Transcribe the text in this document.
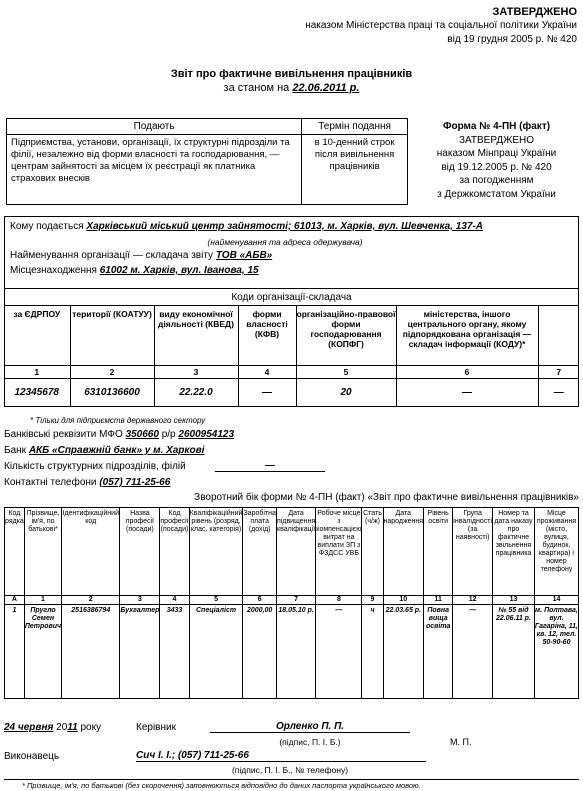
ЗАТВЕРДЖЕНО
наказом Міністерства праці та соціальної політики України
від 19 грудня 2005 р. № 420
Звіт про фактичне вивільнення працівників
за станом на 22.06.2011 р.
Подають	Термін подання
Підприємства, установи, організації, їх структурні підрозділи та філії, незалежно від форми власності та господарювання, — центрам зайнятості за місцем їх реєстрації як платника страхових внесків	в 10-денний строк після вивільнення працівників
Форма № 4-ПН (факт)
ЗАТВЕРДЖЕНО
наказом Мінпраці України
від 19.12.2005 р. № 420
за погодженням
з Держкомстатом України
Кому подається Харківський міський центр зайнятості; 61013, м. Харків, вул. Шевченка, 137-А
(найменування та адреса одержувача)
Найменування організації — складача звіту ТОВ «АБВ»
Місцезнаходження 61002 м. Харків, вул. Іванова, 15
Коди організації-складача						
за ЄДРПОУ	території (КОАТУУ)	виду економічної діяльності (КВЕД)	форми власності (КФВ)	організаційно-правової форми господарювання (КОПФГ)	міністерства, іншого центрального органу, якому підпорядкована організація — складач інформації (КОДУ)*	
1	2	3	4	5	6	7
12345678	6310136600	22.22.0	—	20	—	—
* Тільки для підприємств державного сектору
Банківські реквізити МФО 350660 р/р 2600954123
Банк АКБ «Справжній банк» у м. Харкові
Кількість структурних підрозділів, філій	—
Контактні телефони (057) 711-25-66
Зворотний бік форми № 4-ПН (факт) «Звіт про фактичне вивільнення працівників»
Код рядка	Прізвище, ім'я, по батькові*	Ідентифікаційний код	Назва професії (посади)	Код професії (посади)	Кваліфікаційний рівень (розряд, клас, категорія)	Заробітна плата (дохід)	Дата підвищення кваліфікації	Робоче місце з компенсацією витрат на виплати ЗП з ФЗДСС УВБ	Стать (ч/ж)	Дата народження	Рівень освіти	Група інвалідності (за наявності)	Номер та дата наказу про фактичне звільнення працівника	Місце проживання (місто, вулиця, будинок, квартира) і номер телефону
А	1	2	3	4	5	6	7	8	9	10	11	12	13	14
1	Пругло Семен Петрович	2516386794	Бухгалтер	3433	Спеціаліст	2000,00	18.05.10 р.	—	ч	22.03.65 р.	Повна вища освіта	—	№ 55 від 22.06.11 р.	м. Полтава, вул. Гагаріна, 11, кв. 12, тел. 50-90-60
24 червня 2011 року	Керівник	Орленко П. П.
(підпис, П. І. Б.)	М. П.
Виконавець	Сич І. І.; (057) 711-25-66
(підпис, П. І. Б., № телефону)
* Прізвище, ім'я, по батькові (без скорочення) заповнюються відповідно до даних паспорта українського мовою.
